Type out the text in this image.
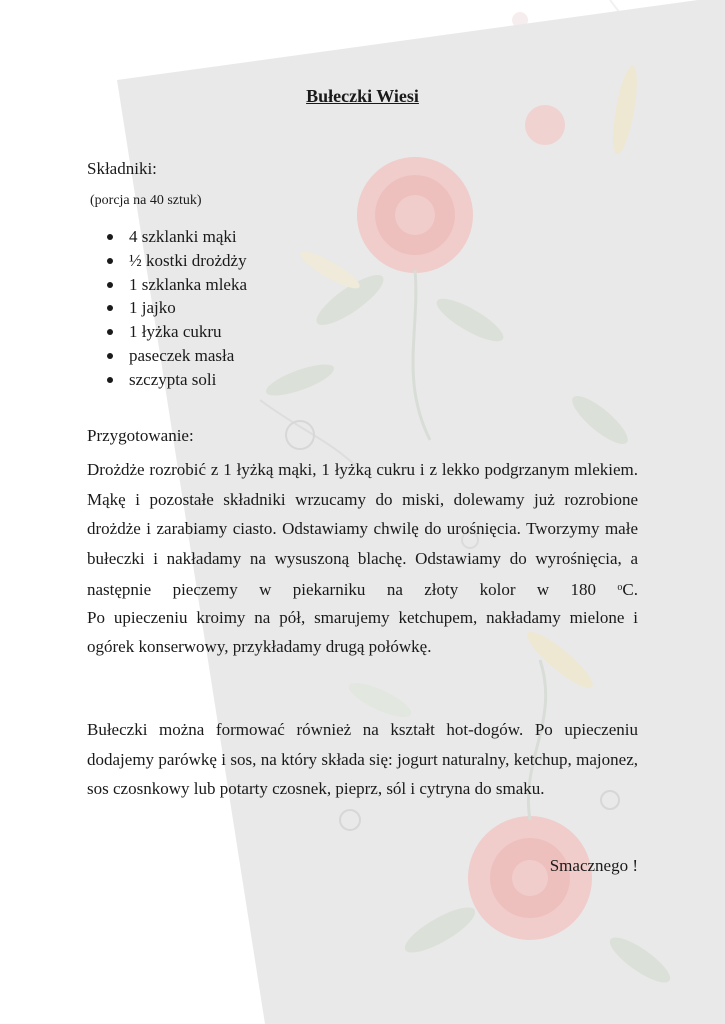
Bułeczki Wiesi
Składniki:
(porcja na 40 sztuk)
4 szklanki mąki
½ kostki drożdży
1 szklanka mleka
1 jajko
1 łyżka cukru
paseczek masła
szczypta soli
Przygotowanie:
Drożdże rozrobić z 1 łyżką mąki, 1 łyżką cukru i z lekko podgrzanym mlekiem.
Mąkę i pozostałe składniki wrzucamy do miski, dolewamy już rozrobione
drożdże i zarabiamy ciasto. Odstawiamy chwilę do urośnięcia. Tworzymy małe
bułeczki i nakładamy na wysuszoną blachę. Odstawiamy do wyrośnięcia, a
następnie pieczemy w piekarniku na złoty kolor w 180 $^o$C.
Po upieczeniu kroimy na pół, smarujemy ketchupem, nakładamy mielone i
ogórek konserwowy, przykładamy drugą połówkę.
Bułeczki można formować również na kształt hot-dogów. Po upieczeniu
dodajemy parówkę i sos, na który składa się: jogurt naturalny, ketchup, majonez,
sos czosnkowy lub potarty czosnek, pieprz, sól i cytryna do smaku.
Smacznego !
